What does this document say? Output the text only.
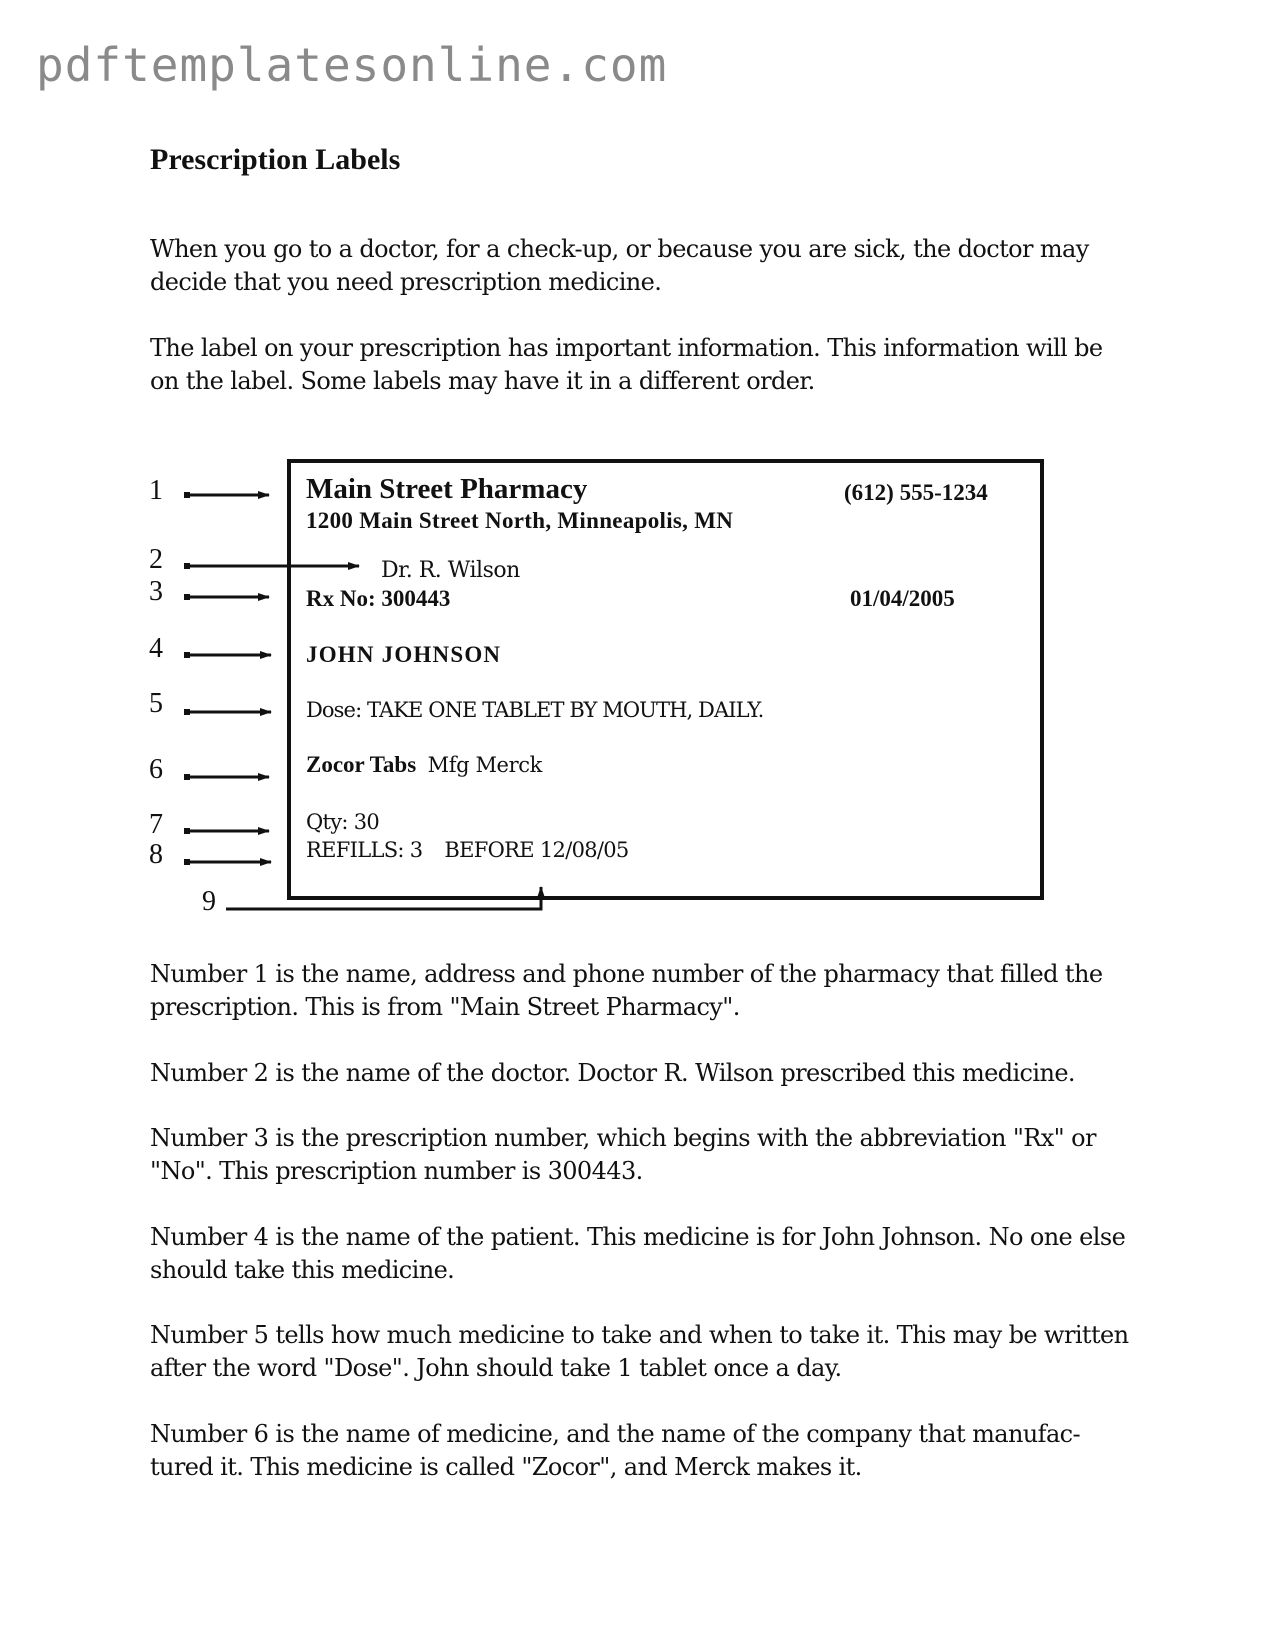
pdftemplatesonline.com
Prescription Labels

When you go to a doctor, for a check-up, or because you are sick, the doctor may decide that you need prescription medicine.

The label on your prescription has important information. This information will be on the label. Some labels may have it in a different order.

Main Street Pharmacy	(612) 555-1234
1200 Main Street North, Minneapolis, MN
Dr. R. Wilson
Rx No: 300443	01/04/2005
JOHN JOHNSON
Dose: TAKE ONE TABLET BY MOUTH, DAILY.
Zocor Tabs Mfg Merck
Qty: 30
REFILLS: 3 BEFORE 12/08/05
1
2
3
4
5
6
7
8
9

Number 1 is the name, address and phone number of the pharmacy that filled the prescription. This is from "Main Street Pharmacy".

Number 2 is the name of the doctor. Doctor R. Wilson prescribed this medicine.

Number 3 is the prescription number, which begins with the abbreviation "Rx" or "No". This prescription number is 300443.

Number 4 is the name of the patient. This medicine is for John Johnson. No one else should take this medicine.

Number 5 tells how much medicine to take and when to take it. This may be written after the word "Dose". John should take 1 tablet once a day.

Number 6 is the name of medicine, and the name of the company that manufac-tured it. This medicine is called "Zocor", and Merck makes it.
